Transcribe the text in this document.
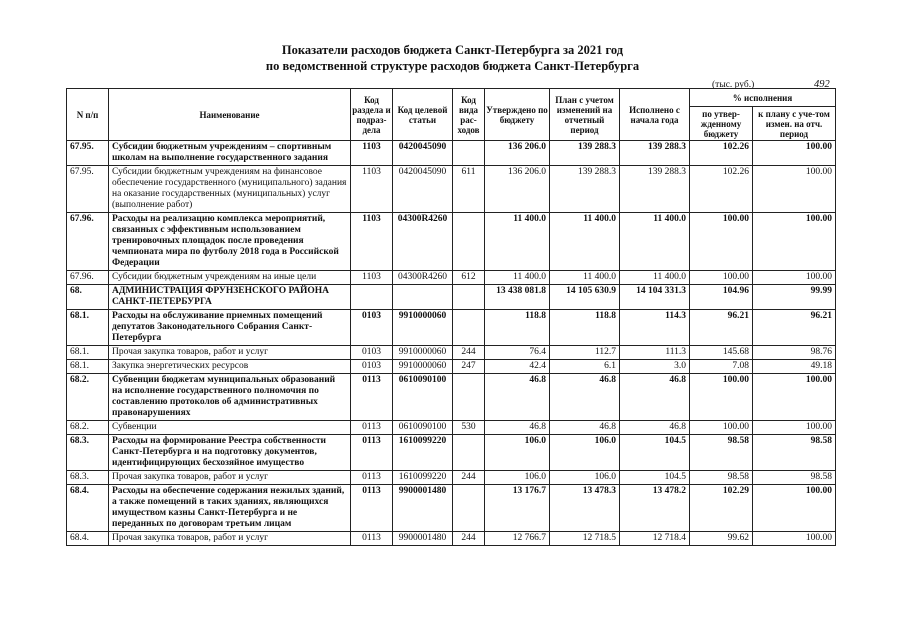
Показатели расходов бюджета Санкт-Петербурга за 2021 год
по ведомственной структуре расходов бюджета Санкт-Петербурга
(тыс. руб.)	492
N п/п	Наименование	Код раздела и подраз-дела	Код целевой статьи	Код вида рас-ходов	Утверждено по бюджету	План с учетом изменений на отчетный период	Исполнено с начала года	% исполнения	
								по утвер-жденному бюджету	к плану с уче-том измен. на отч. период
67.95.	Субсидии бюджетным учреждениям – спортивным школам на выполнение государственного задания	1103	0420045090		136 206.0	139 288.3	139 288.3	102.26	100.00
67.95.	Субсидии бюджетным учреждениям на финансовое обеспечение государственного (муниципального) задания на оказание государственных (муниципальных) услуг (выполнение работ)	1103	0420045090	611	136 206.0	139 288.3	139 288.3	102.26	100.00
67.96.	Расходы на реализацию комплекса мероприятий, связанных с эффективным использованием тренировочных площадок после проведения чемпионата мира по футболу 2018 года в Российской Федерации	1103	04300R4260		11 400.0	11 400.0	11 400.0	100.00	100.00
67.96.	Субсидии бюджетным учреждениям на иные цели	1103	04300R4260	612	11 400.0	11 400.0	11 400.0	100.00	100.00
68.	АДМИНИСТРАЦИЯ ФРУНЗЕНСКОГО РАЙОНА САНКТ-ПЕТЕРБУРГА				13 438 081.8	14 105 630.9	14 104 331.3	104.96	99.99
68.1.	Расходы на обслуживание приемных помещений депутатов Законодательного Собрания Санкт-Петербурга	0103	9910000060		118.8	118.8	114.3	96.21	96.21
68.1.	Прочая закупка товаров, работ и услуг	0103	9910000060	244	76.4	112.7	111.3	145.68	98.76
68.1.	Закупка энергетических ресурсов	0103	9910000060	247	42.4	6.1	3.0	7.08	49.18
68.2.	Субвенции бюджетам муниципальных образований на исполнение государственного полномочия по составлению протоколов об административных правонарушениях	0113	0610090100		46.8	46.8	46.8	100.00	100.00
68.2.	Субвенции	0113	0610090100	530	46.8	46.8	46.8	100.00	100.00
68.3.	Расходы на формирование Реестра собственности Санкт-Петербурга и на подготовку документов, идентифицирующих бесхозяйное имущество	0113	1610099220		106.0	106.0	104.5	98.58	98.58
68.3.	Прочая закупка товаров, работ и услуг	0113	1610099220	244	106.0	106.0	104.5	98.58	98.58
68.4.	Расходы на обеспечение содержания нежилых зданий, а также помещений в таких зданиях, являющихся имуществом казны Санкт-Петербурга и не переданных по договорам третьим лицам	0113	9900001480		13 176.7	13 478.3	13 478.2	102.29	100.00
68.4.	Прочая закупка товаров, работ и услуг	0113	9900001480	244	12 766.7	12 718.5	12 718.4	99.62	100.00
